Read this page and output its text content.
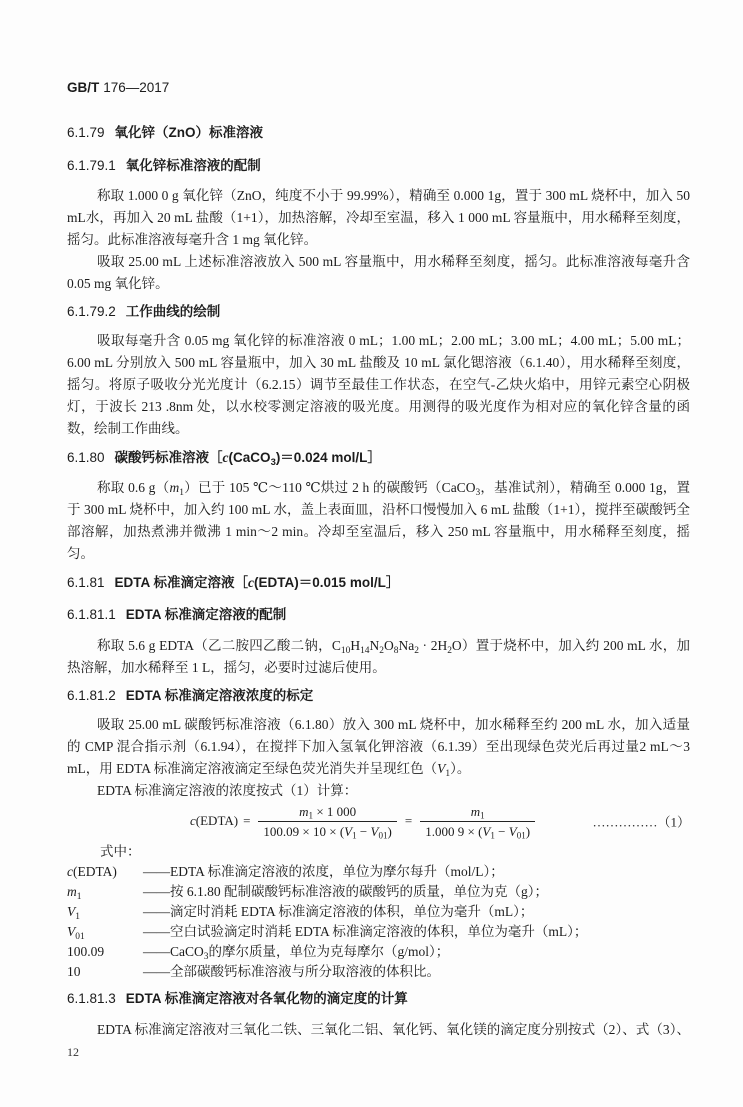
GB/T 176—2017
6.1.79 氧化锌（ZnO）标准溶液
6.1.79.1 氧化锌标准溶液的配制

称取 1.000 0 g 氧化锌（ZnO，纯度不小于 99.99%），精确至 0.000 1g，置于 300 mL 烧杯中，加入 50 mL水，再加入 20 mL 盐酸（1+1），加热溶解，冷却至室温，移入 1 000 mL 容量瓶中，用水稀释至刻度，摇匀。此标准溶液每毫升含 1 mg 氧化锌。

吸取 25.00 mL 上述标准溶液放入 500 mL 容量瓶中，用水稀释至刻度，摇匀。此标准溶液每毫升含 0.05 mg 氧化锌。

6.1.79.2 工作曲线的绘制

吸取每毫升含 0.05 mg 氧化锌的标准溶液 0 mL；1.00 mL；2.00 mL；3.00 mL；4.00 mL；5.00 mL；6.00 mL 分别放入 500 mL 容量瓶中，加入 30 mL 盐酸及 10 mL 氯化锶溶液（6.1.40），用水稀释至刻度，摇匀。将原子吸收分光光度计（6.2.15）调节至最佳工作状态，在空气-乙炔火焰中，用锌元素空心阴极灯，于波长 213 .8nm 处，以水校零测定溶液的吸光度。用测得的吸光度作为相对应的氧化锌含量的函数，绘制工作曲线。

6.1.80 碳酸钙标准溶液［c(CaCO$_3$)＝0.024 mol/L］

称取 0.6 $g(m_1)$已于 105 ℃～110 ℃烘过 2 h 的碳酸钙（CaCO$_3$，基准试剂），精确至 0.000 1g，置于 300 mL 烧杯中，加入约 100 mL 水，盖上表面皿，沿杯口慢慢加入 6 mL 盐酸（1+1），搅拌至碳酸钙全部溶解，加热煮沸并微沸 1 min～2 min。冷却至室温后，移入 250 mL 容量瓶中，用水稀释至刻度，摇匀。

6.1.81 EDTA 标准滴定溶液［c(EDTA)＝0.015 mol/L］
6.1.81.1 EDTA 标准滴定溶液的配制

称取 5.6 g EDTA（乙二胺四乙酸二钠，$C_{10}H_{14}N_2O_8Na_2 \cdot 2H_2O$）置于烧杯中，加入约 200 mL 水，加热溶解，加水稀释至 1 L，摇匀，必要时过滤后使用。

6.1.81.2 EDTA 标准滴定溶液浓度的标定

吸取 25.00 mL 碳酸钙标准溶液（6.1.80）放入 300 mL 烧杯中，加水稀释至约 200 mL 水，加入适量的 CMP 混合指示剂（6.1.94），在搅拌下加入氢氧化钾溶液（6.1.39）至出现绿色荧光后再过量2 mL～3 mL，用 EDTA 标准滴定溶液滴定至绿色荧光消失并呈现红色$(V_1)$。

EDTA 标准滴定溶液的浓度按式（1）计算：

c(EDTA) = $\frac{m_1 \times 1 000}{100.09 \times 10 \times (V_1 - V_{01})} = \frac{m_1}{1.000 9 \times (V_1 - V_{01})}$	……………（1）
式中：
c(EDTA)	——EDTA 标准滴定溶液的浓度，单位为摩尔每升（mol/L）；
$m_1$	——按 6.1.80 配制碳酸钙标准溶液的碳酸钙的质量，单位为克（g）；
$V_1$	——滴定时消耗 EDTA 标准滴定溶液的体积，单位为毫升（mL）；
$V_{01}$	——空白试验滴定时消耗 EDTA 标准滴定溶液的体积，单位为毫升（mL）；
100.09	——CaCO$_3$的摩尔质量，单位为克每摩尔（g/mol）；
10	——全部碳酸钙标准溶液与所分取溶液的体积比。
6.1.81.3 EDTA 标准滴定溶液对各氧化物的滴定度的计算

EDTA 标准滴定溶液对三氧化二铁、三氧化二铝、氧化钙、氧化镁的滴定度分别按式（2）、式（3）、

12
